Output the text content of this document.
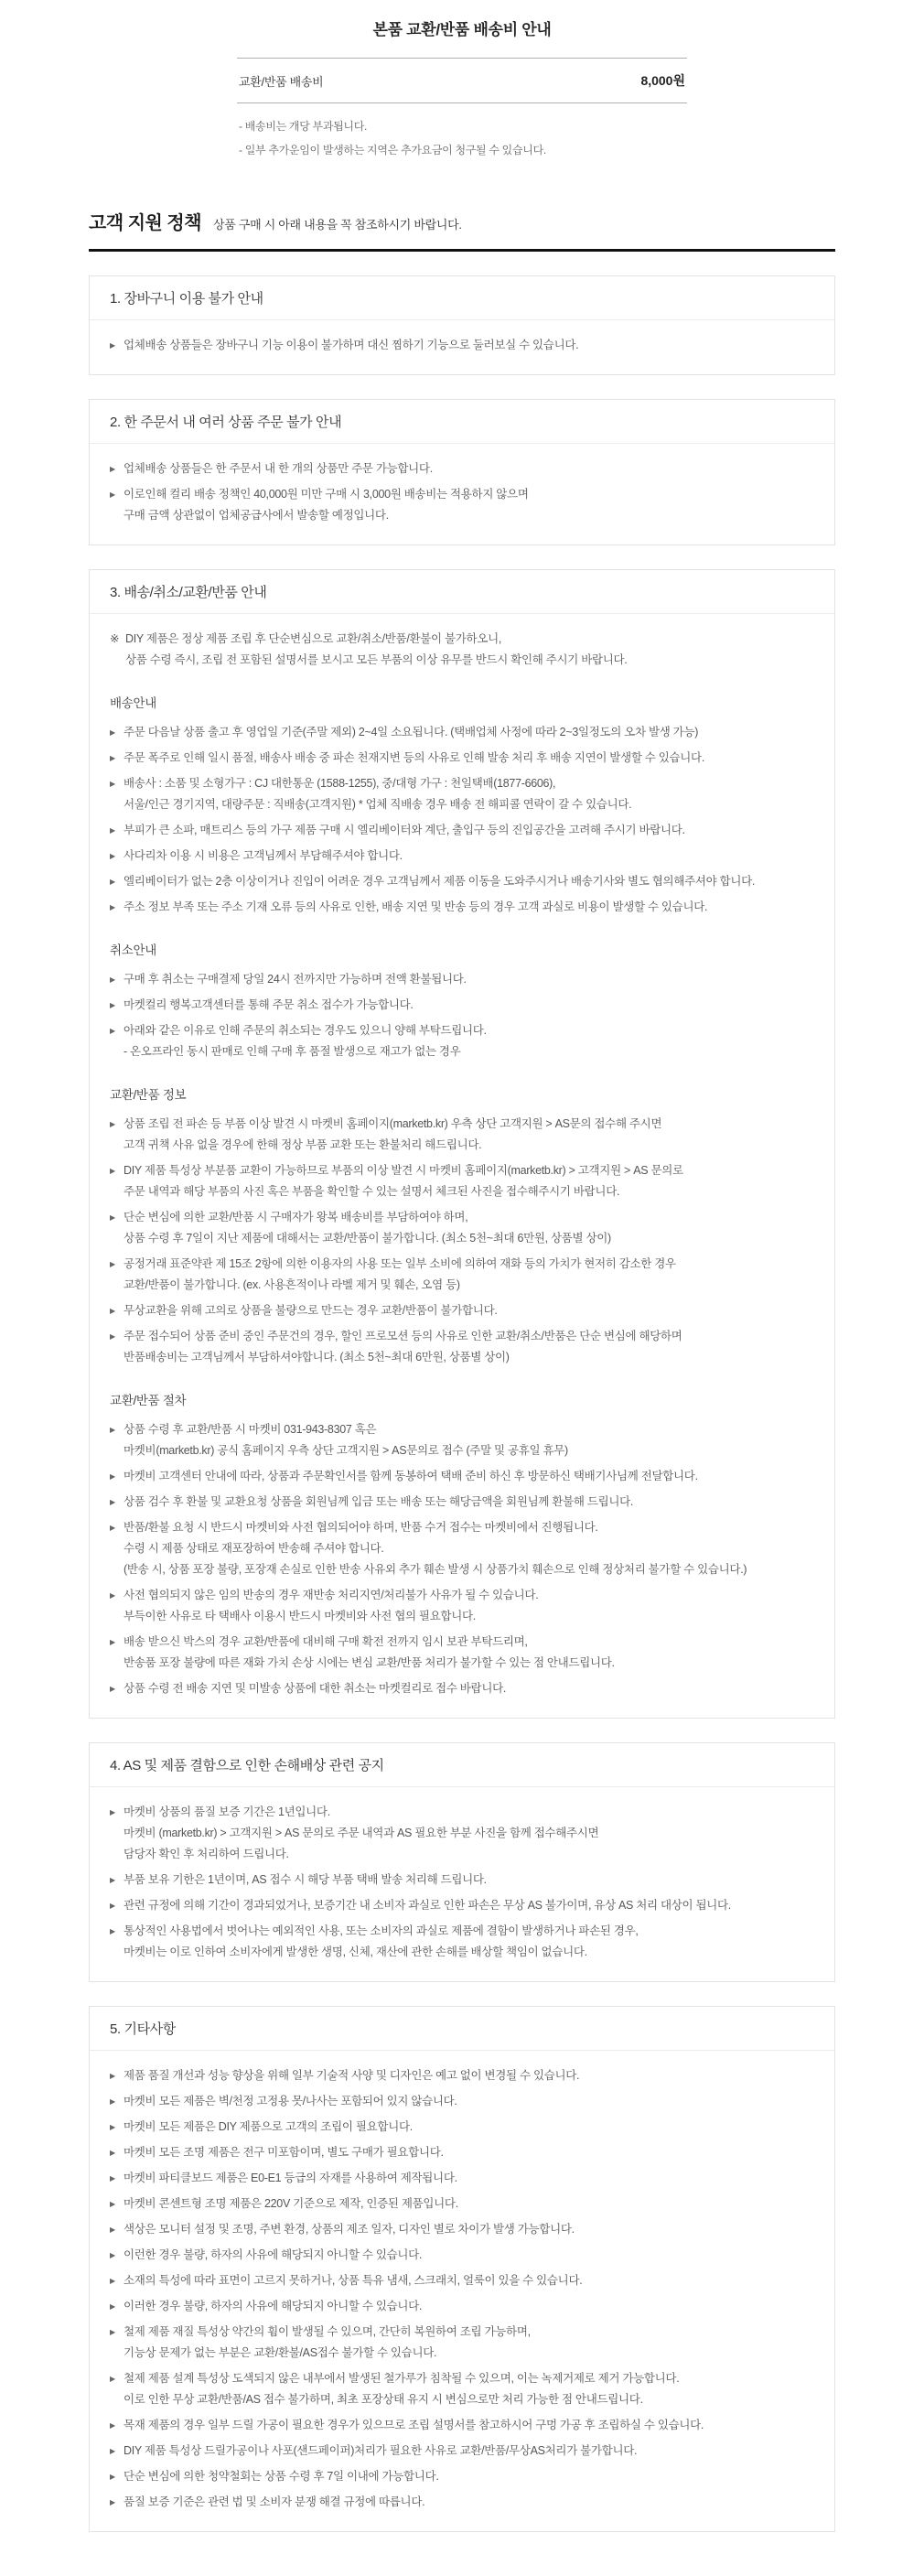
본품 교환/반품 배송비 안내
교환/반품 배송비	8,000원
- 배송비는 개당 부과됩니다.
- 일부 추가운임이 발생하는 지역은 추가요금이 청구될 수 있습니다.
고객 지원 정책 상품 구매 시 아래 내용을 꼭 참조하시기 바랍니다.
1. 장바구니 이용 불가 안내
▶ 업체배송 상품들은 장바구니 기능 이용이 불가하며 대신 찜하기 기능으로 둘러보실 수 있습니다.
2. 한 주문서 내 여러 상품 주문 불가 안내
▶ 업체배송 상품들은 한 주문서 내 한 개의 상품만 주문 가능합니다.
▶ 이로인해 컬리 배송 정책인 40,000원 미만 구매 시 3,000원 배송비는 적용하지 않으며
구매 금액 상관없이 업체공급사에서 발송할 예정입니다.
3. 배송/취소/교환/반품 안내
※ DIY 제품은 정상 제품 조립 후 단순변심으로 교환/취소/반품/환불이 불가하오니,
상품 수령 즉시, 조립 전 포함된 설명서를 보시고 모든 부품의 이상 유무를 반드시 확인해 주시기 바랍니다.
배송안내
▶ 주문 다음날 상품 출고 후 영업일 기준(주말 제외) 2~4일 소요됩니다. (택배업체 사정에 따라 2~3일정도의 오차 발생 가능)
▶ 주문 폭주로 인해 일시 품절, 배송사 배송 중 파손 천재지변 등의 사유로 인해 발송 처리 후 배송 지연이 발생할 수 있습니다.
▶ 배송사 : 소품 및 소형가구 : CJ 대한통운 (1588-1255), 중/대형 가구 : 천일택배(1877-6606),
서울/인근 경기지역, 대량주문 : 직배송(고객지원) * 업체 직배송 경우 배송 전 해피콜 연락이 갈 수 있습니다.
▶ 부피가 큰 소파, 매트리스 등의 가구 제품 구매 시 엘리베이터와 계단, 출입구 등의 진입공간을 고려해 주시기 바랍니다.
▶ 사다리차 이용 시 비용은 고객님께서 부담해주셔야 합니다.
▶ 엘리베이터가 없는 2층 이상이거나 진입이 어려운 경우 고객님께서 제품 이동을 도와주시거나 배송기사와 별도 협의해주셔야 합니다.
▶ 주소 정보 부족 또는 주소 기재 오류 등의 사유로 인한, 배송 지연 및 반송 등의 경우 고객 과실로 비용이 발생할 수 있습니다.
취소안내
▶ 구매 후 취소는 구매결제 당일 24시 전까지만 가능하며 전액 환불됩니다.
▶ 마켓컬리 행복고객센터를 통해 주문 취소 접수가 가능합니다.
▶ 아래와 같은 이유로 인해 주문의 취소되는 경우도 있으니 양해 부탁드립니다.
- 온오프라인 동시 판매로 인해 구매 후 품절 발생으로 재고가 없는 경우
교환/반품 정보
▶ 상품 조립 전 파손 등 부품 이상 발견 시 마켓비 홈페이지(marketb.kr) 우측 상단 고객지원 > AS문의 접수해 주시면
고객 귀책 사유 없을 경우에 한해 정상 부품 교환 또는 환불처리 해드립니다.
▶ DIY 제품 특성상 부분품 교환이 가능하므로 부품의 이상 발견 시 마켓비 홈페이지(marketb.kr) > 고객지원 > AS 문의로
주문 내역과 해당 부품의 사진 혹은 부품을 확인할 수 있는 설명서 체크된 사진을 접수해주시기 바랍니다.
▶ 단순 변심에 의한 교환/반품 시 구매자가 왕복 배송비를 부담하여야 하며,
상품 수령 후 7일이 지난 제품에 대해서는 교환/반품이 불가합니다. (최소 5천~최대 6만원, 상품별 상이)
▶ 공정거래 표준약관 제 15조 2항에 의한 이용자의 사용 또는 일부 소비에 의하여 재화 등의 가치가 현저히 감소한 경우
교환/반품이 불가합니다. (ex. 사용흔적이나 라벨 제거 및 훼손, 오염 등)
▶ 무상교환을 위해 고의로 상품을 불량으로 만드는 경우 교환/반품이 불가합니다.
▶ 주문 접수되어 상품 준비 중인 주문건의 경우, 할인 프로모션 등의 사유로 인한 교환/취소/반품은 단순 변심에 해당하며
반품배송비는 고객님께서 부담하셔야합니다. (최소 5천~최대 6만원, 상품별 상이)
교환/반품 절차
▶ 상품 수령 후 교환/반품 시 마켓비 031-943-8307 혹은
마켓비(marketb.kr) 공식 홈페이지 우측 상단 고객지원 > AS문의로 접수 (주말 및 공휴일 휴무)
▶ 마켓비 고객센터 안내에 따라, 상품과 주문확인서를 함께 동봉하여 택배 준비 하신 후 방문하신 택배기사님께 전달합니다.
▶ 상품 검수 후 환불 및 교환요청 상품을 회원님께 입금 또는 배송 또는 해당금액을 회원님께 환불해 드립니다.
▶ 반품/환불 요청 시 반드시 마켓비와 사전 협의되어야 하며, 반품 수거 접수는 마켓비에서 진행됩니다.
수령 시 제품 상태로 재포장하여 반송해 주셔야 합니다.
(반송 시, 상품 포장 불량, 포장재 손실로 인한 반송 사유외 추가 훼손 발생 시 상품가치 훼손으로 인해 정상처리 불가할 수 있습니다.)
▶ 사전 협의되지 않은 임의 반송의 경우 재반송 처리지연/처리불가 사유가 될 수 있습니다.
부득이한 사유로 타 택배사 이용시 반드시 마켓비와 사전 협의 필요합니다.
▶ 배송 받으신 박스의 경우 교환/반품에 대비해 구매 확전 전까지 임시 보관 부탁드리며,
반송품 포장 불량에 따른 재화 가치 손상 시에는 변심 교환/반품 처리가 불가할 수 있는 점 안내드립니다.
▶ 상품 수령 전 배송 지연 및 미발송 상품에 대한 취소는 마켓컬리로 접수 바랍니다.
4. AS 및 제품 결함으로 인한 손해배상 관련 공지
▶ 마켓비 상품의 품질 보증 기간은 1년입니다.
마켓비 (marketb.kr) > 고객지원 > AS 문의로 주문 내역과 AS 필요한 부분 사진을 함께 접수해주시면
담당자 확인 후 처리하여 드립니다.
▶ 부품 보유 기한은 1년이며, AS 접수 시 해당 부품 택배 발송 처리해 드립니다.
▶ 관련 규정에 의해 기간이 경과되었거나, 보증기간 내 소비자 과실로 인한 파손은 무상 AS 불가이며, 유상 AS 처리 대상이 됩니다.
▶ 통상적인 사용법에서 벗어나는 예외적인 사용, 또는 소비자의 과실로 제품에 결함이 발생하거나 파손된 경우,
마켓비는 이로 인하여 소비자에게 발생한 생명, 신체, 재산에 관한 손해를 배상할 책임이 없습니다.
5. 기타사항
▶ 제품 품질 개선과 성능 향상을 위해 일부 기술적 사양 및 디자인은 예고 없이 변경될 수 있습니다.
▶ 마켓비 모든 제품은 벽/천정 고정용 못/나사는 포함되어 있지 않습니다.
▶ 마켓비 모든 제품은 DIY 제품으로 고객의 조립이 필요합니다.
▶ 마켓비 모든 조명 제품은 전구 미포함이며, 별도 구매가 필요합니다.
▶ 마켓비 파티클보드 제품은 E0-E1 등급의 자재를 사용하여 제작됩니다.
▶ 마켓비 콘센트형 조명 제품은 220V 기준으로 제작, 인증된 제품입니다.
▶ 색상은 모니터 설정 및 조명, 주변 환경, 상품의 제조 일자, 디자인 별로 차이가 발생 가능합니다.
▶ 이런한 경우 불량, 하자의 사유에 해당되지 아니할 수 있습니다.
▶ 소재의 특성에 따라 표면이 고르지 못하거나, 상품 특유 냄새, 스크래치, 얼룩이 있을 수 있습니다.
▶ 이러한 경우 불량, 하자의 사유에 해당되지 아니할 수 있습니다.
▶ 철제 제품 재질 특성상 약간의 휨이 발생될 수 있으며, 간단히 복원하여 조립 가능하며,
기능상 문제가 없는 부분은 교환/환불/AS접수 불가할 수 있습니다.
▶ 철제 제품 설계 특성상 도색되지 않은 내부에서 발생된 철가루가 침착될 수 있으며, 이는 녹제거제로 제거 가능합니다.
이로 인한 무상 교환/반품/AS 접수 불가하며, 최초 포장상태 유지 시 변심으로만 처리 가능한 점 안내드립니다.
▶ 목재 제품의 경우 일부 드릴 가공이 필요한 경우가 있으므로 조립 설명서를 참고하시어 구멍 가공 후 조립하실 수 있습니다.
▶ DIY 제품 특성상 드릴가공이나 사포(샌드페이퍼)처리가 필요한 사유로 교환/반품/무상AS처리가 불가합니다.
▶ 단순 변심에 의한 청약철회는 상품 수령 후 7일 이내에 가능합니다.
▶ 품질 보증 기준은 관련 법 및 소비자 분쟁 해결 규정에 따릅니다.
